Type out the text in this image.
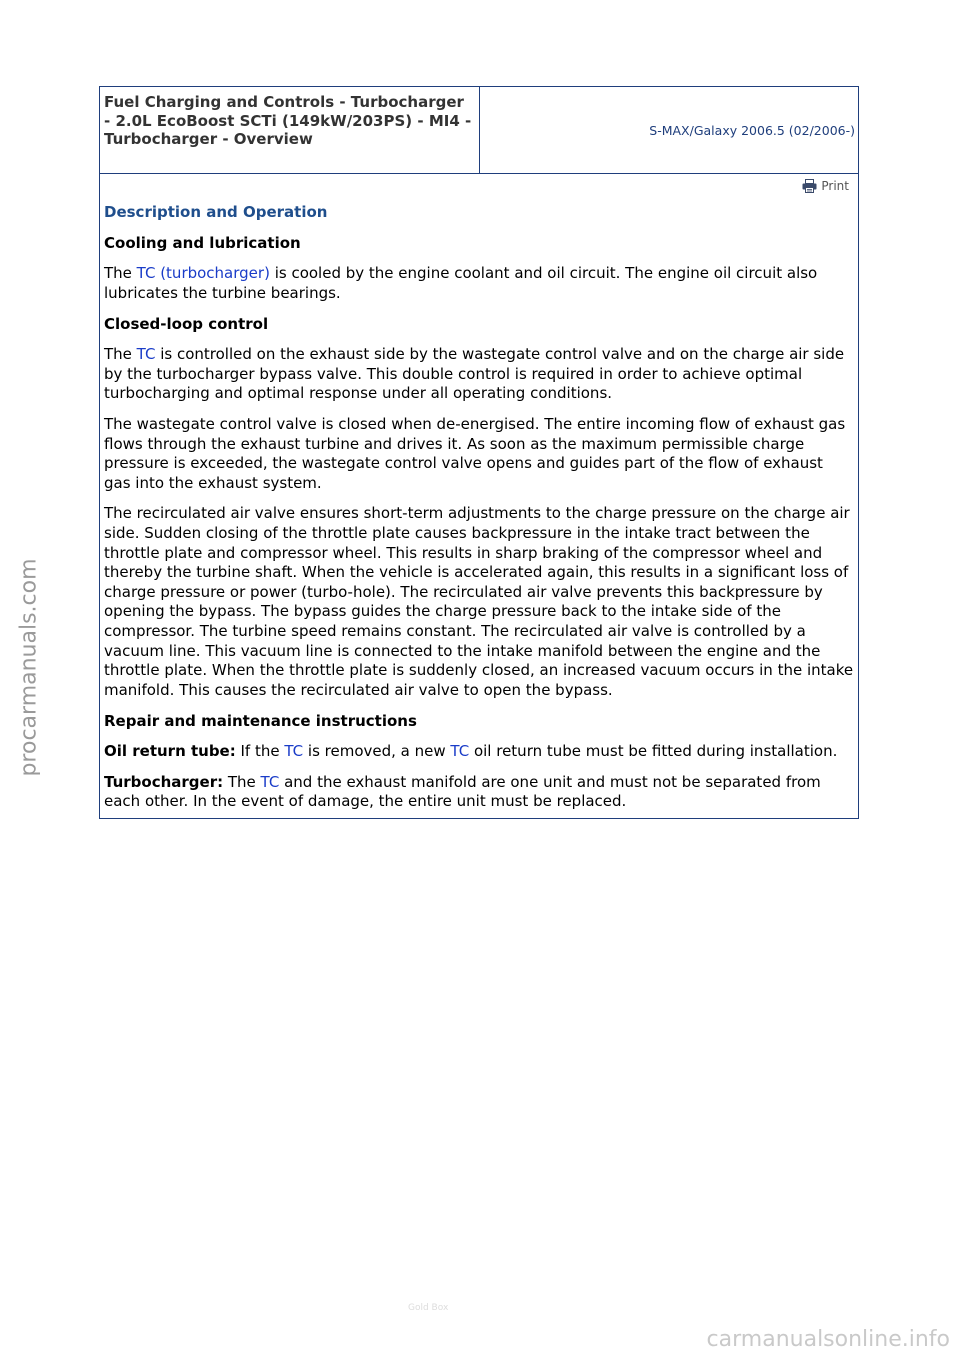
Fuel Charging and Controls - Turbocharger - 2.0L EcoBoost SCTi (149kW/203PS) - MI4 - Turbocharger - Overview
S-MAX/Galaxy 2006.5 (02/2006-)
Print
Description and Operation
Cooling and lubrication

The TC (turbocharger) is cooled by the engine coolant and oil circuit. The engine oil circuit also lubricates the turbine bearings.

Closed-loop control

The TC is controlled on the exhaust side by the wastegate control valve and on the charge air side by the turbocharger bypass valve. This double control is required in order to achieve optimal turbocharging and optimal response under all operating conditions.

The wastegate control valve is closed when de-energised. The entire incoming flow of exhaust gas flows through the exhaust turbine and drives it. As soon as the maximum permissible charge pressure is exceeded, the wastegate control valve opens and guides part of the flow of exhaust gas into the exhaust system.

The recirculated air valve ensures short-term adjustments to the charge pressure on the charge air side. Sudden closing of the throttle plate causes backpressure in the intake tract between the throttle plate and compressor wheel. This results in sharp braking of the compressor wheel and thereby the turbine shaft. When the vehicle is accelerated again, this results in a significant loss of charge pressure or power (turbo-hole). The recirculated air valve prevents this backpressure by opening the bypass. The bypass guides the charge pressure back to the intake side of the compressor. The turbine speed remains constant. The recirculated air valve is controlled by a vacuum line. This vacuum line is connected to the intake manifold between the engine and the throttle plate. When the throttle plate is suddenly closed, an increased vacuum occurs in the intake manifold. This causes the recirculated air valve to open the bypass.

Repair and maintenance instructions

Oil return tube: If the TC is removed, a new TC oil return tube must be fitted during installation.

Turbocharger: The TC and the exhaust manifold are one unit and must not be separated from each other. In the event of damage, the entire unit must be replaced.

procarmanuals.com
Gold Box
carmanualsonline.info
